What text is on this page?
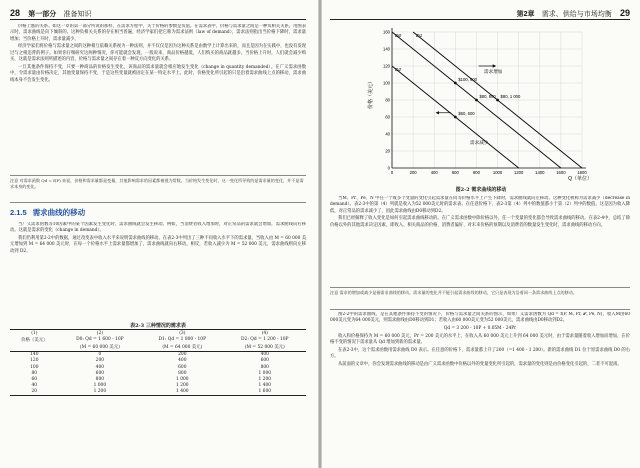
28 第一部分 准备知识

价格上涨的关系。如这一章的第一部分所说的那样，在需求方程中，关于价格的参数是负值。在需求表中，价格与需求量之间是一种负相关关系。用图表示时，需求曲线是向下倾斜的。这种负相关关系的存在相当普遍，经济学家们把它称为需求法则（law of demand），需求法则指出当价格下降时，需求量增加；当价格上升时，需求量减少。

经济学家们将价格与需求量之间的这种相互依赖关系视为一种法则，并不仅仅是因为这种关系是由数学上计算出来的，而且是因为在实践中，也没有发现过与之相违背的例子。如果你仔细研究这两种情况，你可能就会发现，一般说来，商品价格越低，人们购买的商品就越多。当价格上升时，人们就会减少购买，这就是需求法则所描述的内容，价格与需求量之间存在着一种反方向变化的关系。

一旦其他条件保持不变，只要一种商品的价格发生变化，该商品的需求量就会相应地发生变化（change in quantity demanded）。在广义需求函数中，令需求量由价格决定，其他变量保持不变，于是这些变量就被固定在某一特定水平上。此时，价格变化所引起的只是沿着需求曲线上点的移动，需求曲线本身不会发生变化。

注意 对需求函数 Qd = f(P) 来说，价格和需求量都是变量，其他影响需求的因素都被视为常数。当价格发生变化时，这一变化所导致的是需求量的变化，并不是需求本身的变化。
2.1.5 需求曲线的移动

当广义需求函数等10因素中的某个因素发生变化时，需求曲线就会发生移动。例如，当消费者收入增加时，对正常品的需求就会增加，需求曲线向右移动。这就是需求的变化（change in demand）。

我们仍利用第2-2中的数据，通过改变表中收入水平来说明需求曲线的移动。在表2-3中列出了三种不同收入水平下的需求量。当收入由 M = 60 000 美元增加到 M = 64 000 美元时，在每一个价格水平上需求量都增加了，需求曲线就向右移动。相反，若收入减少为 M = 52 000 美元，需求曲线则向左移动到 D2。

表2-3 三种情况的需求表
(1)	(2)	(3)	(4)
价格（美元）	D0: Qd = 1 600 - 10P	D1: Qd = 1 800 - 10P	D2: Qd = 1 200 - 10P
	(M = 60 000 美元)	(M = 64 000 美元)	(M = 52 000 美元)
140	0	200	400
120	200	400	600
100	400	600	800
80	600	800	1 000
60	800	1 000	1 200
40	1 000	1 200	1 400
20	1 200	1 400	1 600
第2章 需求、供给与市场均衡 29
D0	D1
D2
$100, 600
$80, 800 $80, 1 000
$60, 600
0	200	400	600	800	1000	1200	1400	1600	1800
0
20
40
60
80
100
120
140
160
价格（美元）
Q（单位）
需求增加
需求减少
图2-2 需求曲线的移动

当M、Pr、Pe、N 中任一个或多个变量的变化引起需求量在同等价格水平上产生下降时，需求曲线就向左移动。这种变化被称为需求减少（decrease in demand）。表2-3中的第（4）列就是收入为52 000美元时的需求表。在任意价格下，表2-3第（4）列中的数值都小于第（2）列中的数值。这是因为收入降低，对正常品的需求减少了，因此需求曲线由D0移动到D2。

我们已经解释了收入变化是如何引起需求曲线移动的。在广义需求函数中除价格以外，任一个变量的变化都会导致需求曲线的移动。在表2-4中，总结了除价格以外的其他需求决定因素，即收入、相关商品的价格、消费者偏好、对未来价格的预期以及消费者的数量发生变化时，需求曲线的移动方向。

注意 需求的增加或减少是指需求曲线的移动。需求量的变化并不能引起需求曲线的移动，它只是表现为沿着同一条需求曲线上点的移动。

图2-2中的需求曲线，是在其他条件保持不变的情况下，价格与需求量之间关系的图示，如果广义需求函数为 Qd = f(P, M, Pr, 𝒯, Pe, N)，收入M由60 000美元变为64 000美元，则需求曲线由D0移动到D1；若收入由60 000美元变为52 000美元，需求曲线由D0移动到D2。

Qd = 3 200 - 10P + 0.05M - 24Pr

收入和价格保持为 M = 60 000 美元，Pr = 200 美元的水平上，在收入从 60 000 美元上升到 64 000 美元时，由于需求量随着收入增加而增加，在价格不变的情况下需求量从 Qd 增加到新的需求量。

在表2-3中，这个需求函数用需求曲线 D0 表示。在任意的价格下，需求量都上升了200（=1 400 - 1 200）。新的需求曲线 D1 位于原需求曲线 D0 的右方。

从前面的文章中，你会发现需求曲线的移动是由广义需求函数中价格以外的变量变化所引起的，需求量的变化则是由价格变化引起的，二者不可混淆。
